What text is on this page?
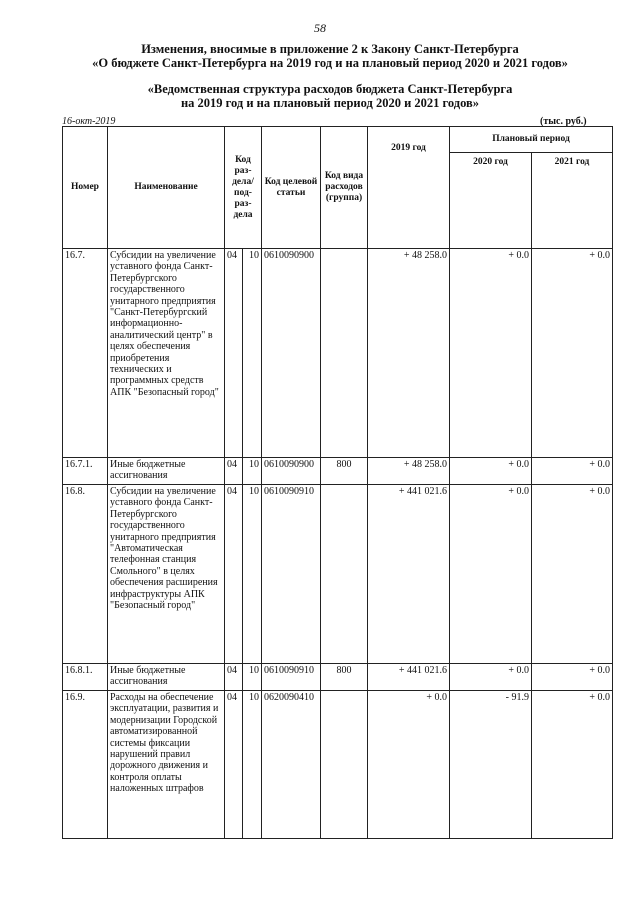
58
Изменения, вносимые в приложение 2 к Закону Санкт-Петербурга
«О бюджете Санкт-Петербурга на 2019 год и на плановый период 2020 и 2021 годов»
«Ведомственная структура расходов бюджета Санкт-Петербурга
на 2019 год и на плановый период 2020 и 2021 годов»
16-окт-2019	(тыс. руб.)
Номер	Наименование	Код раз- дела/ под- раз- дела		Код целевой статьи	Код вида расходов (группа)	2019 год	Плановый период	
							2020 год	2021 год
16.7.	Субсидии на увеличение уставного фонда Санкт-Петербургского государственного унитарного предприятия "Санкт-Петербургский информационно-аналитический центр" в целях обеспечения приобретения технических и программных средств АПК "Безопасный город"	04	10	0610090900		+ 48 258.0	+ 0.0	+ 0.0
16.7.1.	Иные бюджетные ассигнования	04	10	0610090900	800	+ 48 258.0	+ 0.0	+ 0.0
16.8.	Субсидии на увеличение уставного фонда Санкт-Петербургского государственного унитарного предприятия "Автоматическая телефонная станция Смольного" в целях обеспечения расширения инфраструктуры АПК "Безопасный город"	04	10	0610090910		+ 441 021.6	+ 0.0	+ 0.0
16.8.1.	Иные бюджетные ассигнования	04	10	0610090910	800	+ 441 021.6	+ 0.0	+ 0.0
16.9.	Расходы на обеспечение эксплуатации, развития и модернизации Городской автоматизированной системы фиксации нарушений правил дорожного движения и контроля оплаты наложенных штрафов	04	10	0620090410		+ 0.0	- 91.9	+ 0.0
